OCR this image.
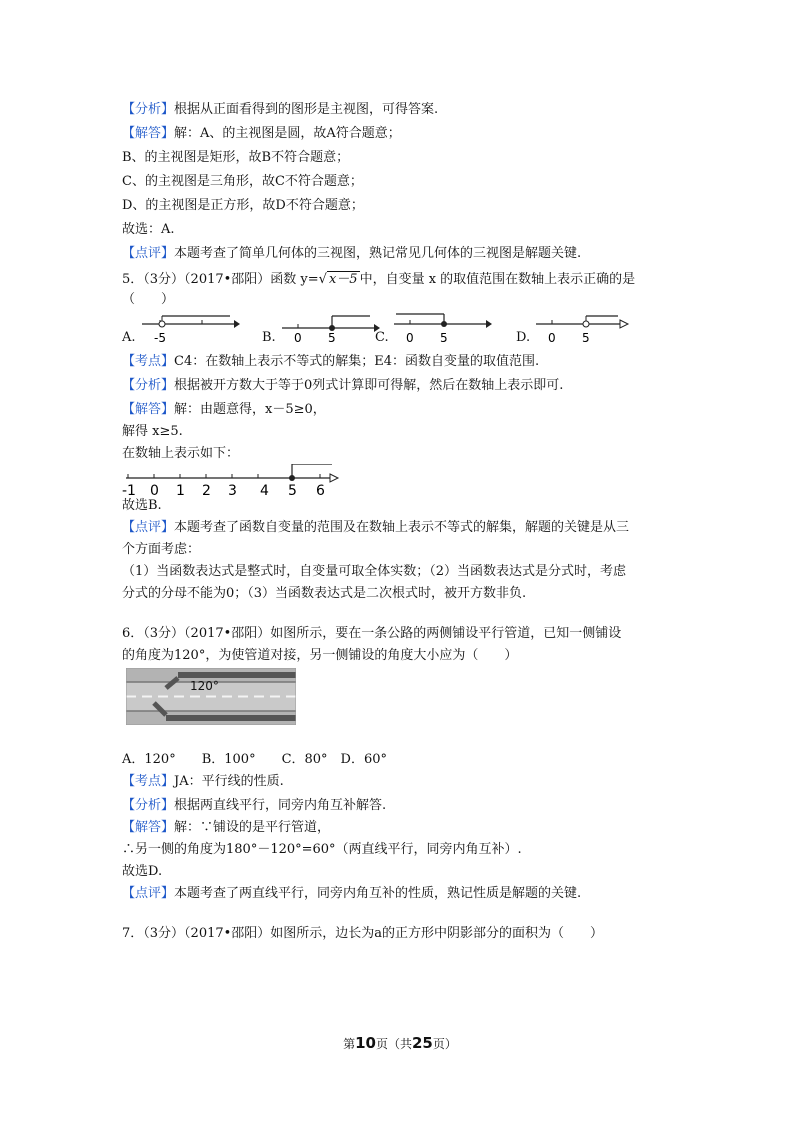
【分析】根据从正面看得到的图形是主视图，可得答案.
【解答】解：A、的主视图是圆，故A符合题意；
B、的主视图是矩形，故B不符合题意；
C、的主视图是三角形，故C不符合题意；
D、的主视图是正方形，故D不符合题意；
故选：A.
【点评】本题考查了简单几何体的三视图，熟记常见几何体的三视图是解题关键.
5．（3分）（2017•邵阳）函数 y=√ x－5 中，自变量 x 的取值范围在数轴上表示正确的是
（　　）
A. -5	B. 0 5	C. 0 5	D. 0 5
【考点】C4：在数轴上表示不等式的解集；E4：函数自变量的取值范围.
【分析】根据被开方数大于等于0列式计算即可得解，然后在数轴上表示即可.
【解答】解：由题意得，x－5≥0，
解得 x≥5.
在数轴上表示如下：
-1 0 1 2 3 4 5 6
故选B.
【点评】本题考查了函数自变量的范围及在数轴上表示不等式的解集，解题的关键是从三
个方面考虑：
（1）当函数表达式是整式时，自变量可取全体实数；（2）当函数表达式是分式时，考虑
分式的分母不能为0；（3）当函数表达式是二次根式时，被开方数非负.
6．（3分）（2017•邵阳）如图所示，要在一条公路的两侧铺设平行管道，已知一侧铺设
的角度为120°，为使管道对接，另一侧铺设的角度大小应为（　　）
120°
A．120°　　B．100°　　C．80°　D．60°
【考点】JA：平行线的性质.
【分析】根据两直线平行，同旁内角互补解答.
【解答】解：∵铺设的是平行管道，
∴另一侧的角度为180°－120°=60°（两直线平行，同旁内角互补）.
故选D.
【点评】本题考查了两直线平行，同旁内角互补的性质，熟记性质是解题的关键.
7．（3分）（2017•邵阳）如图所示，边长为a的正方形中阴影部分的面积为（　　）
第10页（共25页）
